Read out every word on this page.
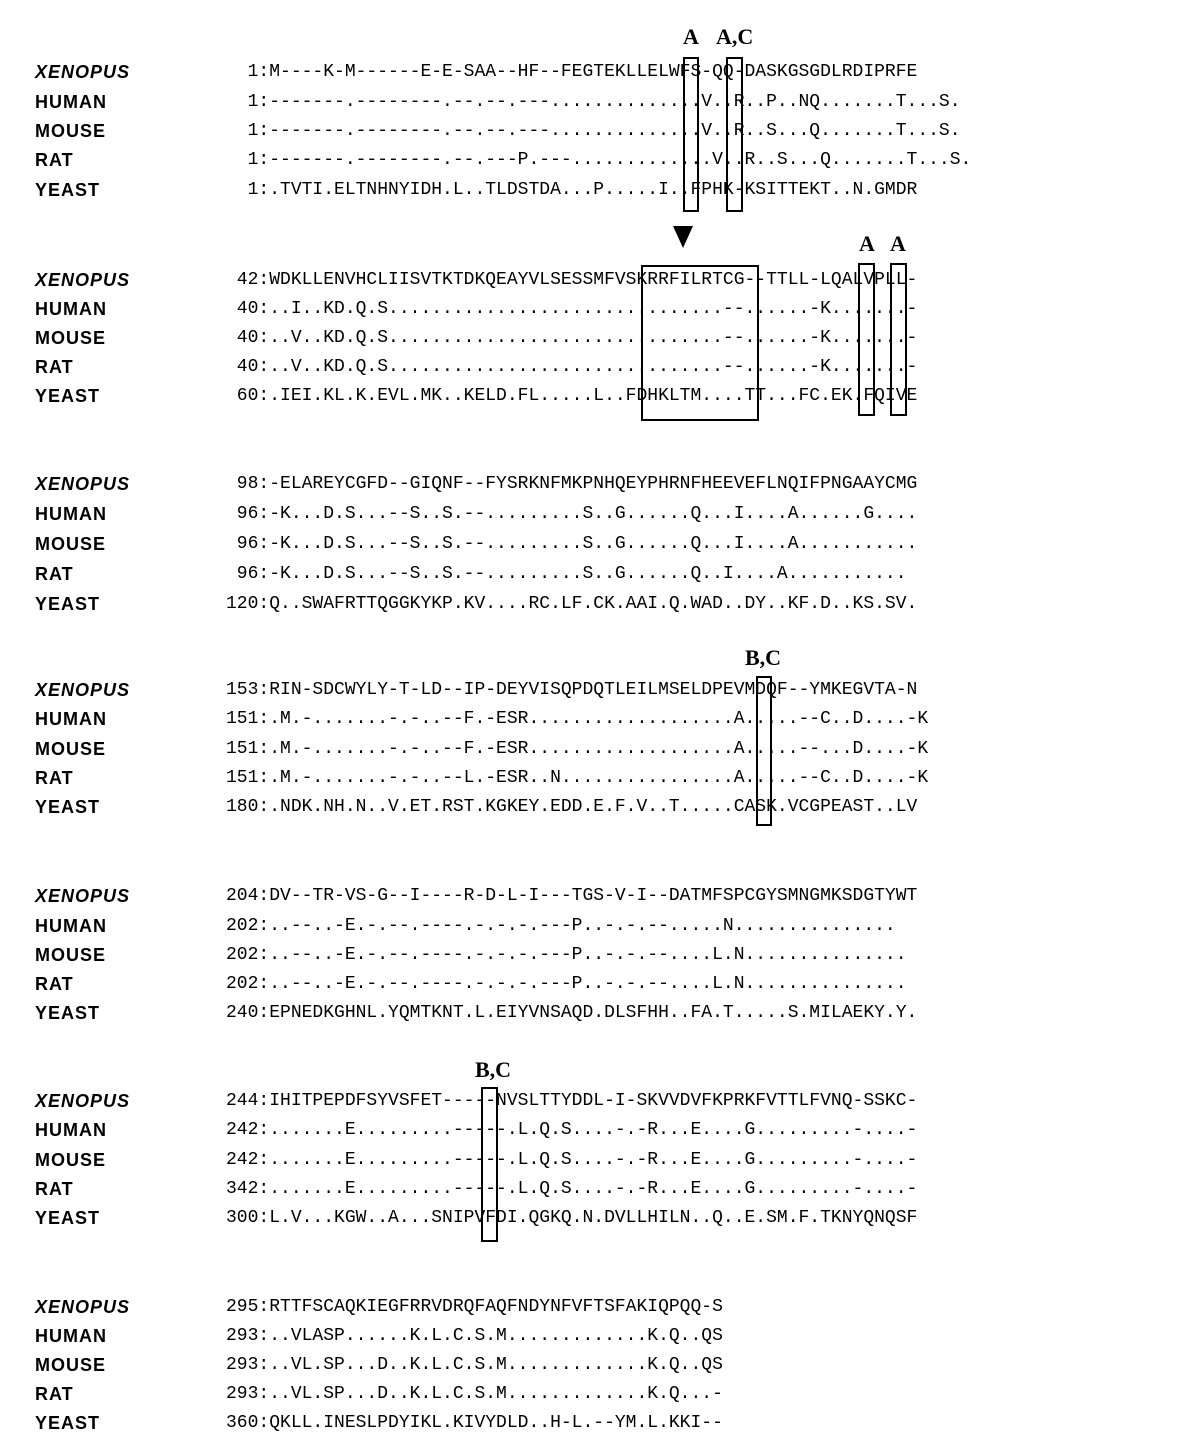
XENOPUS	1:M----K-M------E-E-SAA--HF--FEGTEKLLELWFS-QQ-DASKGSGDLRDIPRFE
HUMAN	1:-------.--------.--.--.---..............V..R..P..NQ.......T...S.
MOUSE	1:-------.--------.--.--.---..............V..R..S...Q.......T...S.
RAT	1:-------.--------.--.---P.---.............V..R..S...Q.......T...S.
YEAST	1:.TVTI.ELTNHNYIDH.L..TLDSTDA...P.....I..FPHK-KSITTEKT..N.GMDR
XENOPUS	42:WDKLLENVHCLIISVTKTDKQEAYVLSESSMFVSKRRFILRTCG--TTLL-LQALVPLL-
HUMAN	40:..I..KD.Q.S...............................--......-K.......-
MOUSE	40:..V..KD.Q.S...............................--......-K.......-
RAT	40:..V..KD.Q.S...............................--......-K.......-
YEAST	60:.IEI.KL.K.EVL.MK..KELD.FL.....L..FDHKLTM....TT...FC.EK.FQIVE
XENOPUS	98:-ELAREYCGFD--GIQNF--FYSRKNFMKPNHQEYPHRNFHEEVEFLNQIFPNGAAYCMG
HUMAN	96:-K...D.S...--S..S.--.........S..G......Q...I....A......G....
MOUSE	96:-K...D.S...--S..S.--.........S..G......Q...I....A...........
RAT	96:-K...D.S...--S..S.--.........S..G......Q..I....A...........
YEAST	120:Q..SWAFRTTQGGKYKP.KV....RC.LF.CK.AAI.Q.WAD..DY..KF.D..KS.SV.
XENOPUS	153:RIN-SDCWYLY-T-LD--IP-DEYVISQPDQTLEILMSELDPEVMDQF--YMKEGVTA-N
HUMAN	151:.M.-.......-.-..--F.-ESR...................A.....--C..D....-K
MOUSE	151:.M.-.......-.-..--F.-ESR...................A.....--...D....-K
RAT	151:.M.-.......-.-..--L.-ESR..N................A.....--C..D....-K
YEAST	180:.NDK.NH.N..V.ET.RST.KGKEY.EDD.E.F.V..T.....CASK.VCGPEAST..LV
XENOPUS	204:DV--TR-VS-G--I----R-D-L-I---TGS-V-I--DATMFSPCGYSMNGMKSDGTYWT
HUMAN	202:..--..-E.-.--.----.-.-.-.---P..-.-.--.....N...............
MOUSE	202:..--..-E.-.--.----.-.-.-.---P..-.-.--....L.N...............
RAT	202:..--..-E.-.--.----.-.-.-.---P..-.-.--....L.N...............
YEAST	240:EPNEDKGHNL.YQMTKNT.L.EIYVNSAQD.DLSFHH..FA.T.....S.MILAEKY.Y.
XENOPUS	244:IHITPEPDFSYVSFET-----NVSLTTYDDL-I-SKVVDVFKPRKFVTTLFVNQ-SSKC-
HUMAN	242:.......E.........-----.L.Q.S....-.-R...E....G.........-....-
MOUSE	242:.......E.........-----.L.Q.S....-.-R...E....G.........-....-
RAT	342:.......E.........-----.L.Q.S....-.-R...E....G.........-....-
YEAST	300:L.V...KGW..A...SNIPVFDI.QGKQ.N.DVLLHILN..Q..E.SM.F.TKNYQNQSF
XENOPUS	295:RTTFSCAQKIEGFRRVDRQFAQFNDYNFVFTSFAKIQPQQ-S
HUMAN	293:..VLASP......K.L.C.S.M.............K.Q..QS
MOUSE	293:..VL.SP...D..K.L.C.S.M.............K.Q..QS
RAT	293:..VL.SP...D..K.L.C.S.M.............K.Q...-
YEAST	360:QKLL.INESLPDYIKL.KIVYDLD..H-L.--YM.L.KKI--
A A,C
A A
B,C
B,C
